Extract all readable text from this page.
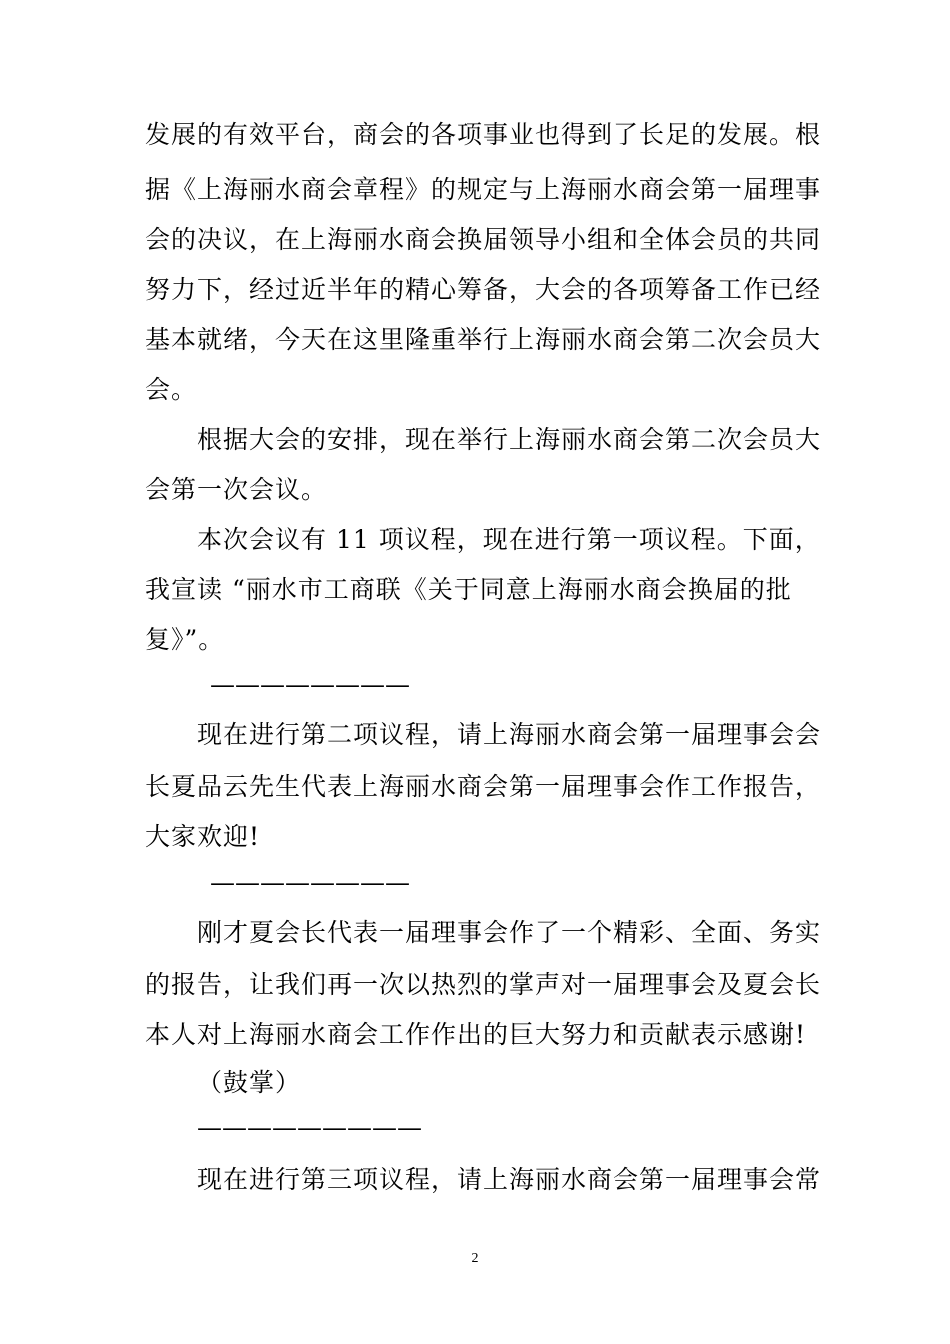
发展的有效平台，商会的各项事业也得到了长足的发展。根
据《上海丽水商会章程》的规定与上海丽水商会第一届理事
会的决议，在上海丽水商会换届领导小组和全体会员的共同
努力下，经过近半年的精心筹备，大会的各项筹备工作已经
基本就绪，今天在这里隆重举行上海丽水商会第二次会员大
会。
根据大会的安排，现在举行上海丽水商会第二次会员大
会第一次会议。
本次会议有 11 项议程，现在进行第一项议程。下面，
我宣读 “丽水市工商联《关于同意上海丽水商会换届的批
复》”。
————————
现在进行第二项议程，请上海丽水商会第一届理事会会
长夏品云先生代表上海丽水商会第一届理事会作工作报告，
大家欢迎!
————————
刚才夏会长代表一届理事会作了一个精彩、全面、务实
的报告，让我们再一次以热烈的掌声对一届理事会及夏会长
本人对上海丽水商会工作作出的巨大努力和贡献表示感谢!
（鼓掌）
—————————
现在进行第三项议程，请上海丽水商会第一届理事会常
2
